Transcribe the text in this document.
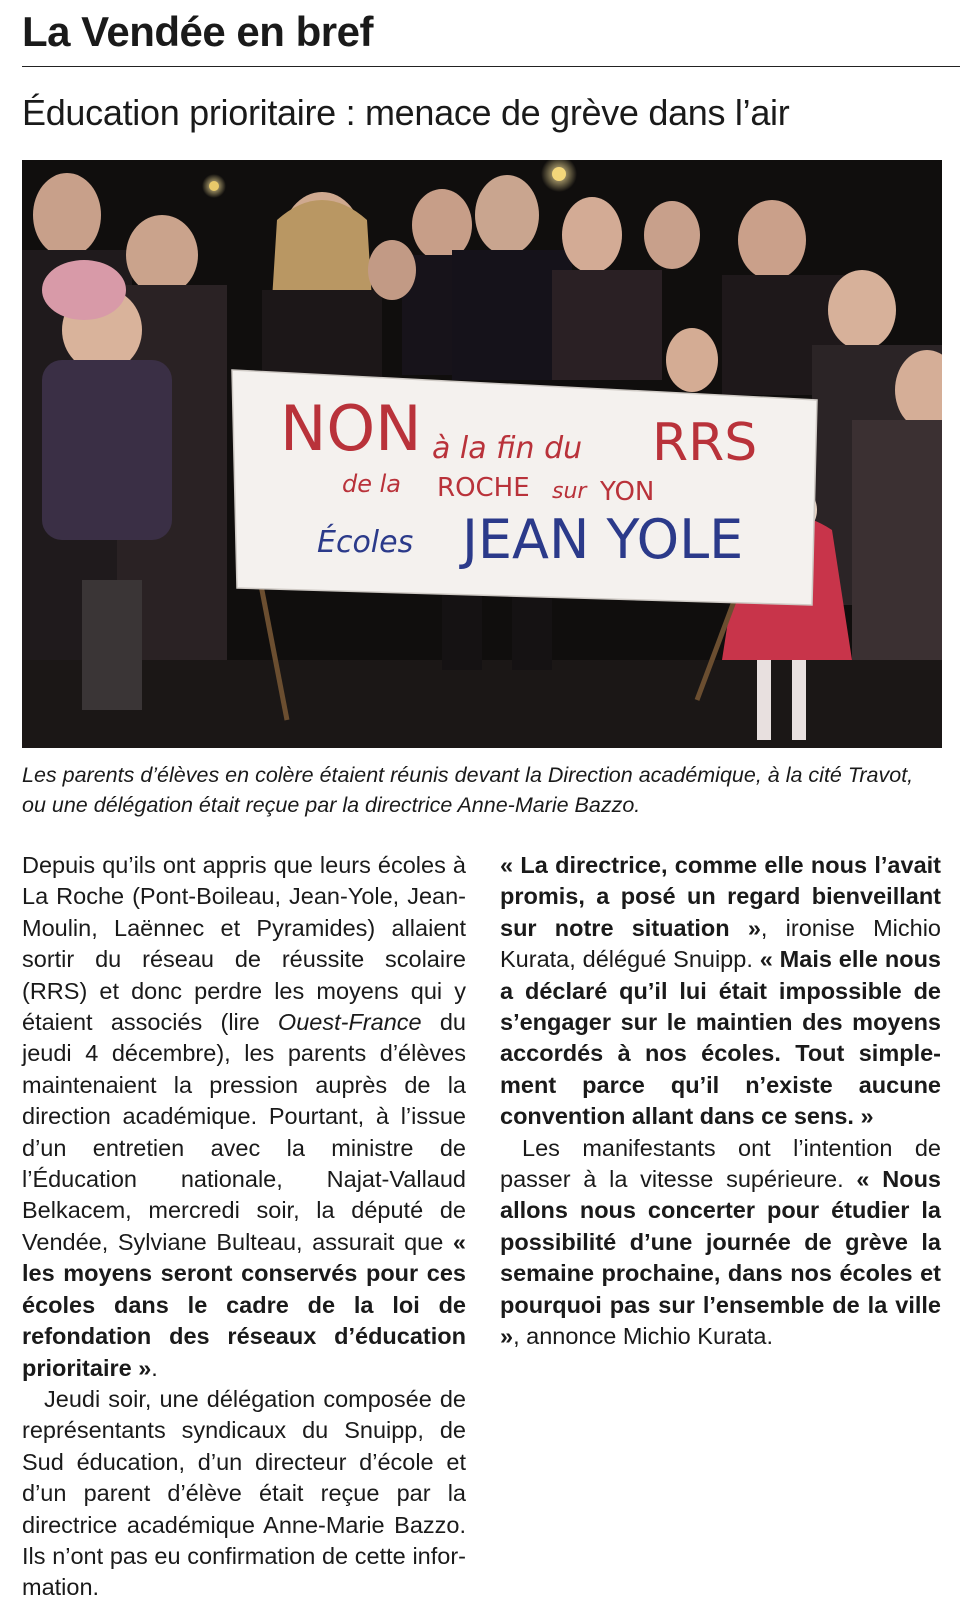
La Vendée en bref
Éducation prioritaire : menace de grève dans l’air
NON à la fin du RRS
de la ROCHE sur YON
Écoles JEAN YOLE

Les parents d’élèves en colère étaient réunis devant la Direction académique, à la cité Travot, ou une délégation était reçue par la directrice Anne-Marie Bazzo.

Depuis qu’ils ont appris que leurs écoles à La Roche (Pont-Boileau, Jean-Yole, Jean-Moulin, Laënnec et Pyramides) allaient sortir du réseau de réussite scolaire (RRS) et donc perdre les moyens qui y étaient associés (lire Ouest-France du jeudi 4 décembre), les parents d’élèves maintenaient la pression auprès de la direction académique. Pourtant, à l’issue d’un entretien avec la ministre de l’Éducation nationale, Najat-Vallaud Belkacem, mercredi soir, la député de Vendée, Sylviane Bulteau, assurait que « les moyens seront conservés pour ces écoles dans le cadre de la loi de refondation des réseaux d’éducation prioritaire ».

Jeudi soir, une délégation composée de représentants syndicaux du Snuipp, de Sud éducation, d’un directeur d’école et d’un parent d’élève était reçue par la directrice académique Anne-Marie Bazzo. Ils n’ont pas eu confirmation de cette information.

« La directrice, comme elle nous l’avait promis, a posé un regard bienveillant sur notre situation », ironise Michio Kurata, délégué Snuipp. « Mais elle nous a déclaré qu’il lui était impossible de s’engager sur le maintien des moyens accordés à nos écoles. Tout simplement parce qu’il n’existe aucune convention allant dans ce sens. »

Les manifestants ont l’intention de passer à la vitesse supérieure. « Nous allons nous concerter pour étudier la possibilité d’une journée de grève la semaine prochaine, dans nos écoles et pourquoi pas sur l’ensemble de la ville », annonce Michio Kurata.
